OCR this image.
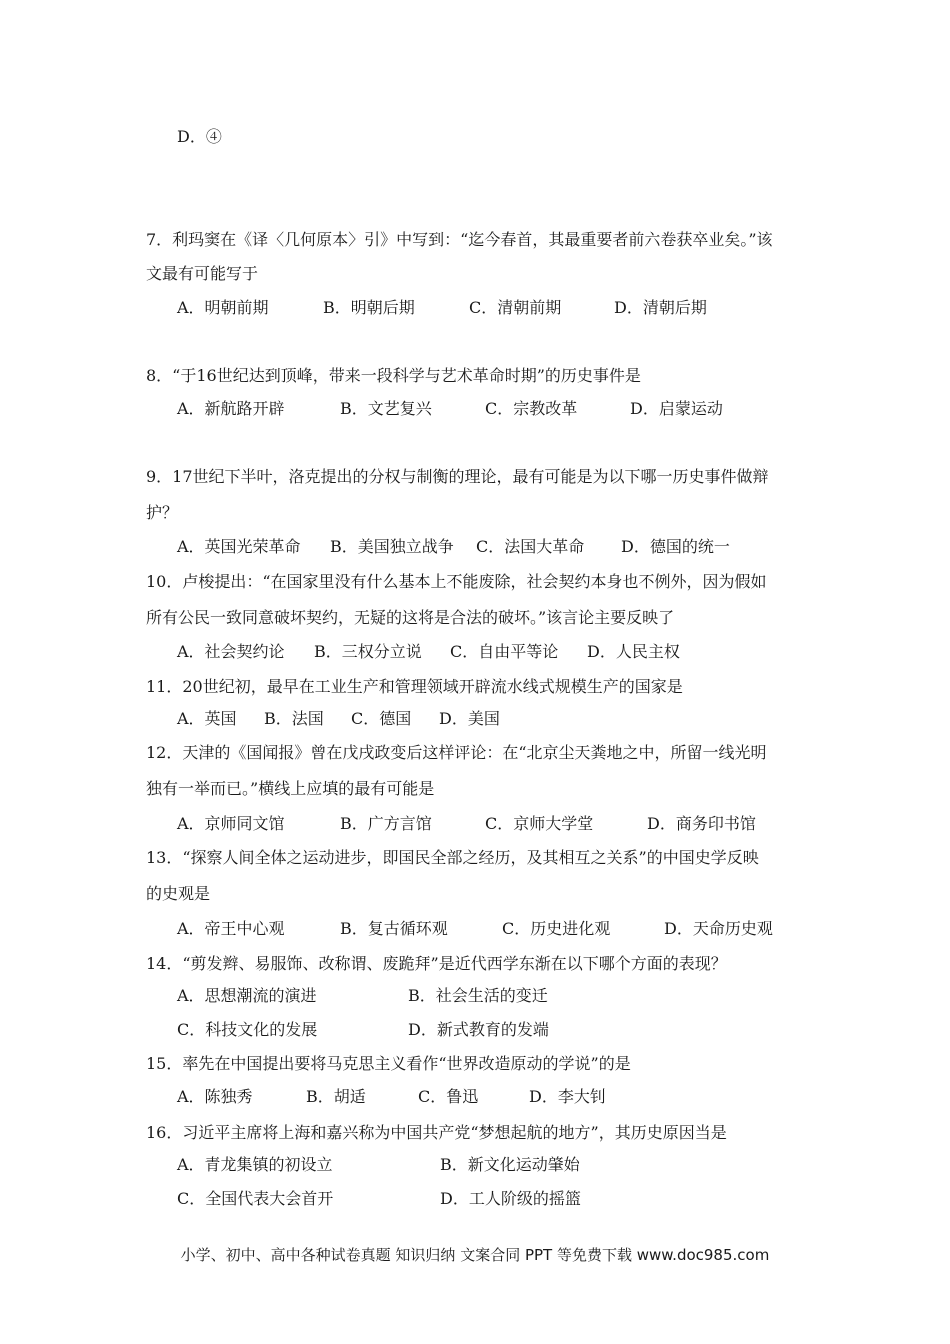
D．④
7．利玛窦在《译〈几何原本〉引》中写到：“迄今春首，其最重要者前六卷获卒业矣。”该
文最有可能写于
A．明朝前期	B．明朝后期	C．清朝前期	D．清朝后期
8．“于16世纪达到顶峰，带来一段科学与艺术革命时期”的历史事件是
A．新航路开辟	B．文艺复兴	C．宗教改革	D．启蒙运动
9．17世纪下半叶，洛克提出的分权与制衡的理论，最有可能是为以下哪一历史事件做辩
护？
A．英国光荣革命 B．美国独立战争 C．法国大革命 D．德国的统一
10．卢梭提出：“在国家里没有什么基本上不能废除，社会契约本身也不例外，因为假如
所有公民一致同意破坏契约，无疑的这将是合法的破坏。”该言论主要反映了
A．社会契约论 B．三权分立说 C．自由平等论 D．人民主权
11．20世纪初，最早在工业生产和管理领域开辟流水线式规模生产的国家是
A．英国 B．法国 C．德国 D．美国
12．天津的《国闻报》曾在戊戌政变后这样评论：在“北京尘天粪地之中，所留一线光明
独有一举而已。”横线上应填的最有可能是
A．京师同文馆	B．广方言馆	C．京师大学堂	D．商务印书馆
13．“探察人间全体之运动进步，即国民全部之经历，及其相互之关系”的中国史学反映
的史观是
A．帝王中心观	B．复古循环观	C．历史进化观	D．天命历史观
14．“剪发辫、易服饰、改称谓、废跪拜”是近代西学东渐在以下哪个方面的表现？
A．思想潮流的演进	B．社会生活的变迁
C．科技文化的发展	D．新式教育的发端
15．率先在中国提出要将马克思主义看作“世界改造原动的学说”的是
A．陈独秀	B．胡适	C．鲁迅	D．李大钊
16．习近平主席将上海和嘉兴称为中国共产党“梦想起航的地方”，其历史原因当是
A．青龙集镇的初设立	B．新文化运动肇始
C．全国代表大会首开	D．工人阶级的摇篮
小学、初中、高中各种试卷真题 知识归纳 文案合同 PPT 等免费下载 www.doc985.com
